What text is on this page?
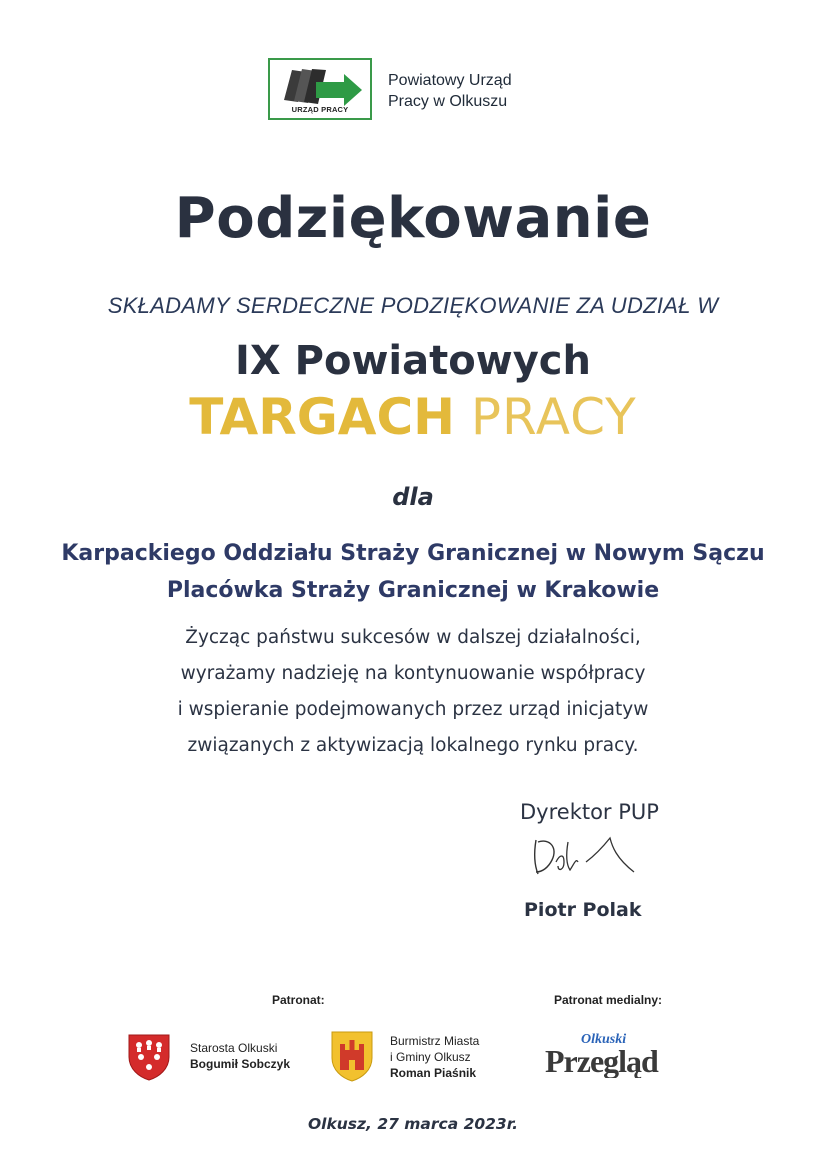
URZĄD PRACY
Powiatowy Urząd
Pracy w Olkuszu
Podziękowanie
SKŁADAMY SERDECZNE PODZIĘKOWANIE ZA UDZIAŁ W
IX Powiatowych
TARGACH PRACY
dla
Karpackiego Oddziału Straży Granicznej w Nowym Sączu
Placówka Straży Granicznej w Krakowie
Życząc państwu sukcesów w dalszej działalności,
wyrażamy nadzieję na kontynuowanie współpracy
i wspieranie podejmowanych przez urząd inicjatyw
związanych z aktywizacją lokalnego rynku pracy.
Dyrektor PUP
Piotr Polak
Patronat:	Patronat medialny:
Starosta Olkuski
Bogumił Sobczyk
Burmistrz Miasta
i Gminy Olkusz
Roman Piaśnik
Olkuski
Przegląd
Olkusz, 27 marca 2023r.
